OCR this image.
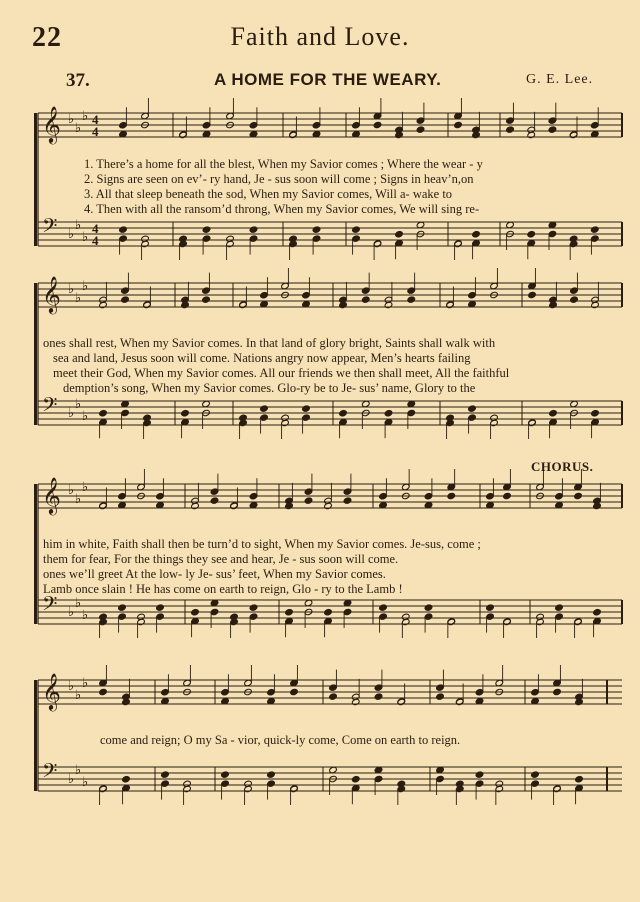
22	Faith and Love.
37.	A HOME FOR THE WEARY.	G. E. Lee.
CHORUS.
𝄞 ♭
♭
♭ 4
4
𝄢 ♭
♭
♭
4
4
𝄞 ♭
♭
♭
𝄢 ♭
♭
♭
𝄞 ♭
♭
♭
𝄢 ♭
♭
♭
𝄞 ♭
♭
♭
𝄢 ♭
♭
♭
1. There’s a home for all the blest, When my Savior comes ; Where the wear - y
2. Signs are seen on ev’- ry hand, Je - sus soon will come ; Signs in heav’n,on
3. All that sleep beneath the sod, When my Savior comes, Will a- wake to
4. Then with all the ransom’d throng, When my Savior comes, We will sing re-
ones shall rest, When my Savior comes. In that land of glory bright, Saints shall walk with
sea and land, Jesus soon will come. Nations angry now appear, Men’s hearts failing
meet their God, When my Savior comes. All our friends we then shall meet, All the faithful
demption’s song, When my Savior comes. Glo-ry be to Je- sus’ name, Glory to the
him in white, Faith shall then be turn’d to sight, When my Savior comes. Je-sus, come ;
them for fear, For the things they see and hear, Je - sus soon will come.
ones we’ll greet At the low- ly Je- sus’ feet, When my Savior comes.
Lamb once slain ! He has come on earth to reign, Glo - ry to the Lamb !
come and reign; O my Sa - vior, quick-ly come, Come on earth to reign.
